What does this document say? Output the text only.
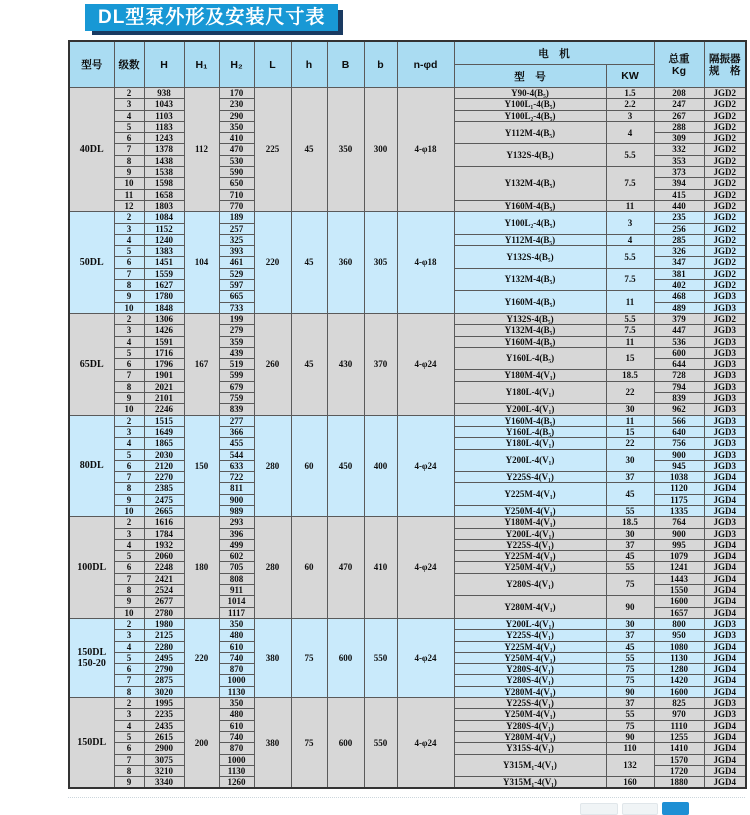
DL型泵外形及安装尺寸表
型号	级数	H	H₁	H₂	L	h	B	b	n-φd	电　机		总重
Kg	隔振器
规　格

										型　号	KW		

40DL	2	938	112	170	225	45	350	300	4-φ18	Y90-4(B₅)	1.5	208	JGD2
	3	1043		230						Y100L₁-4(B₅)	2.2	247	JGD2
	4	1103		290						Y100L₂-4(B₅)	3	267	JGD2
	5	1183		350						Y112M-4(B₅)	4	288	JGD2
	6	1243		410								309	JGD2
	7	1378		470						Y132S-4(B₅)	5.5	332	JGD2
	8	1438		530								353	JGD2
	9	1538		590						Y132M-4(B₅)	7.5	373	JGD2
	10	1598		650								394	JGD2
	11	1658		710								415	JGD2
	12	1803		770						Y160M-4(B₅)	11	440	JGD2

50DL	2	1084	104	189	220	45	360	305	4-φ18	Y100L₂-4(B₅)	3	235	JGD2
	3	1152		257								256	JGD2
	4	1240		325						Y112M-4(B₅)	4	285	JGD2
	5	1383		393						Y132S-4(B₅)	5.5	326	JGD2
	6	1451		461								347	JGD2
	7	1559		529						Y132M-4(B₅)	7.5	381	JGD2
	8	1627		597								402	JGD2
	9	1780		665						Y160M-4(B₅)	11	468	JGD3
	10	1848		733								489	JGD3

65DL	2	1306	167	199	260	45	430	370	4-φ24	Y132S-4(B₅)	5.5	379	JGD2
	3	1426		279						Y132M-4(B₅)	7.5	447	JGD3
	4	1591		359						Y160M-4(B₅)	11	536	JGD3
	5	1716		439						Y160L-4(B₅)	15	600	JGD3
	6	1796		519								644	JGD3
	7	1901		599						Y180M-4(V₁)	18.5	728	JGD3
	8	2021		679						Y180L-4(V₁)	22	794	JGD3
	9	2101		759								839	JGD3
	10	2246		839						Y200L-4(V₁)	30	962	JGD3

80DL	2	1515	150	277	280	60	450	400	4-φ24	Y160M-4(B₅)	11	566	JGD3
	3	1649		366						Y160L-4(B₅)	15	640	JGD3
	4	1865		455						Y180L-4(V₁)	22	756	JGD3
	5	2030		544						Y200L-4(V₁)	30	900	JGD3
	6	2120		633								945	JGD3
	7	2270		722						Y225S-4(V₁)	37	1038	JGD4
	8	2385		811						Y225M-4(V₁)	45	1120	JGD4
	9	2475		900								1175	JGD4
	10	2665		989						Y250M-4(V₁)	55	1335	JGD4

100DL	2	1616	180	293	280	60	470	410	4-φ24	Y180M-4(V₁)	18.5	764	JGD3
	3	1784		396						Y200L-4(V₁)	30	900	JGD3
	4	1932		499						Y225S-4(V₁)	37	995	JGD4
	5	2060		602						Y225M-4(V₁)	45	1079	JGD4
	6	2248		705						Y250M-4(V₁)	55	1241	JGD4
	7	2421		808						Y280S-4(V₁)	75	1443	JGD4
	8	2524		911								1550	JGD4
	9	2677		1014						Y280M-4(V₁)	90	1600	JGD4
	10	2780		1117								1657	JGD4

150DL
150-20	2	1980	220	350	380	75	600	550	4-φ24	Y200L-4(V₁)	30	800	JGD3
	3	2125		480						Y225S-4(V₁)	37	950	JGD3
	4	2280		610						Y225M-4(V₁)	45	1080	JGD4
	5	2495		740						Y250M-4(V₁)	55	1130	JGD4
	6	2790		870						Y280S-4(V₁)	75	1280	JGD4
	7	2875		1000						Y280S-4(V₁)	75	1420	JGD4
	8	3020		1130						Y280M-4(V₁)	90	1600	JGD4

150DL	2	1995	200	350	380	75	600	550	4-φ24	Y225S-4(V₁)	37	825	JGD3
	3	2235		480						Y250M-4(V₁)	55	970	JGD3
	4	2435		610						Y280S-4(V₁)	75	1110	JGD4
	5	2615		740						Y280M-4(V₁)	90	1255	JGD4
	6	2900		870						Y315S-4(V₁)	110	1410	JGD4
	7	3075		1000						Y315M₁-4(V₁)	132	1570	JGD4
	8	3210		1130								1720	JGD4
	9	3340		1260						Y315M₁-4(V₁)	160	1880	JGD4
